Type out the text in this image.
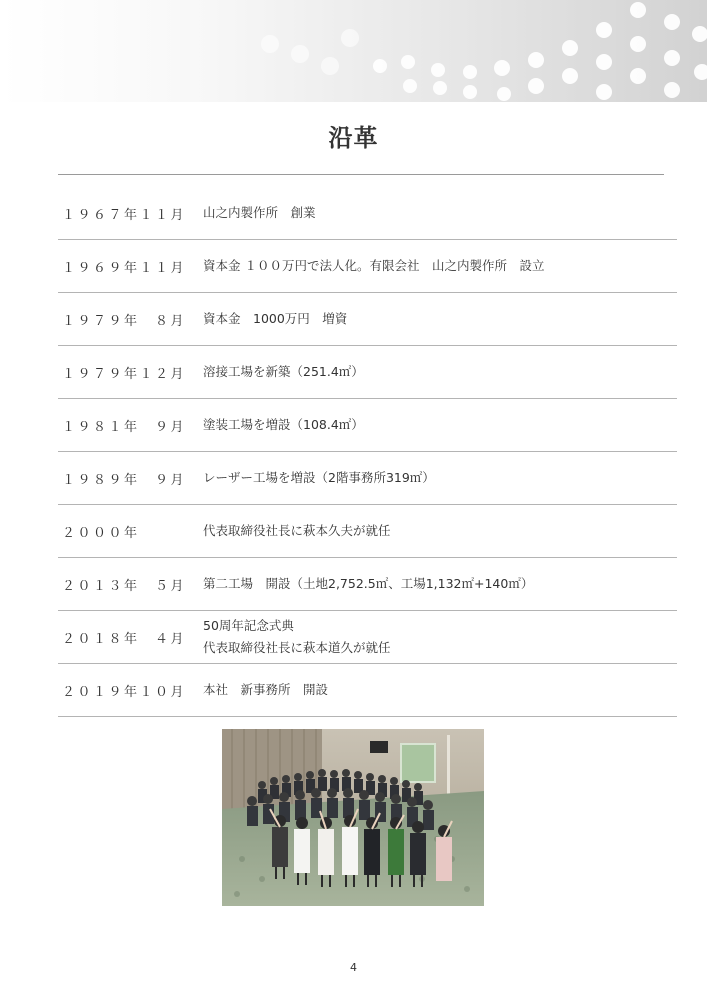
沿革
１９６７年１１月 山之内製作所　創業
１９６９年１１月 資本金 １００万円で法人化。有限会社　山之内製作所　設立
１９７９年　８月 資本金　1000万円　増資
１９７９年１２月 溶接工場を新築（251.4㎡）
１９８１年　９月 塗装工場を増設（108.4㎡）
１９８９年　９月 レーザー工場を増設（2階事務所319㎡）
２０００年	代表取締役社長に萩本久夫が就任
２０１３年　５月 第二工場　開設（土地2,752.5㎡、工場1,132㎡+140㎡）
２０１８年　４月
50周年記念式典
代表取締役社長に萩本道久が就任
２０１９年１０月 本社　新事務所　開設
4
